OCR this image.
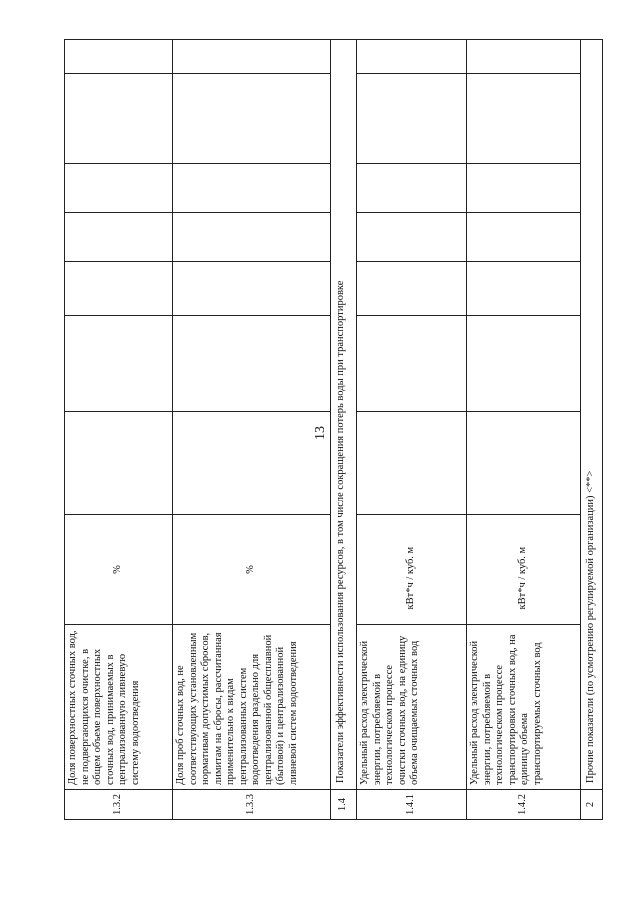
13
1.3.2	Доля поверхностных сточных вод, не подвергающихся очистке, в общем объеме поверхностных сточных вод, принимаемых в централизованную ливневую систему водоотведения	%							
1.3.3	Доля проб сточных вод, не соответствующих установленным нормативам допустимых сбросов, лимитам на сбросы, рассчитанная применительно к видам централизованных систем водоотведения раздельно для централизованной общесплавной (бытовой) и централизованной ливневой систем водоотведения	%							
1.4	Показатели эффективности использования ресурсов, в том числе сокращения потерь воды при транспортировке								
1.4.1	Удельный расход электрической энергии, потребляемой в технологическом процессе очистки сточных вод, на единицу объема очищаемых сточных вод	кВт*ч / куб. м							
1.4.2	Удельный расход электрической энергии, потребляемой в технологическом процессе транспортировки сточных вод, на единицу объема транспортируемых сточных вод	кВт*ч / куб. м							
2	Прочие показатели (по усмотрению регулируемой организации) <**>								
